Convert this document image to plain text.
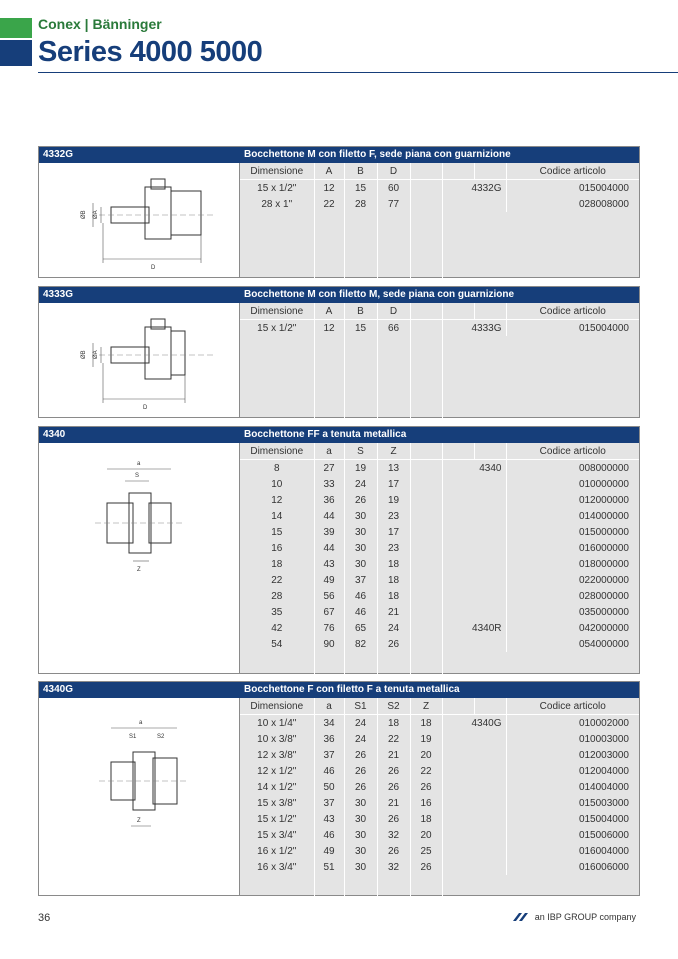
Conex | Bänninger
Series 4000 5000
4332G	Bocchettone M con filetto F, sede piana con guarnizione
ØB ØA
D
Dimensione	A	B	D				Codice articolo
15 x 1/2"	12	15	60		4332G		015004000
28 x 1"	22	28	77				028008000

4333G	Bocchettone M con filetto M, sede piana con guarnizione
ØB ØA
D
Dimensione	A	B	D				Codice articolo
15 x 1/2"	12	15	66		4333G		015004000

4340	Bocchettone FF a tenuta metallica
a
S
Z
Dimensione	a	S	Z				Codice articolo
8	27	19	13		4340		008000000
10	33	24	17				010000000
12	36	26	19				012000000
14	44	30	23				014000000
15	39	30	17				015000000
16	44	30	23				016000000
18	43	30	18				018000000
22	49	37	18				022000000
28	56	46	18				028000000
35	67	46	21				035000000
42	76	65	24		4340R		042000000
54	90	82	26				054000000

4340G	Bocchettone F con filetto F a tenuta metallica
a
S1	S2
Z
Dimensione	a	S1	S2	Z			Codice articolo
10 x 1/4"	34	24	18	18	4340G		010002000
10 x 3/8"	36	24	22	19			010003000
12 x 3/8"	37	26	21	20			012003000
12 x 1/2"	46	26	26	22			012004000
14 x 1/2"	50	26	26	26			014004000
15 x 3/8"	37	30	21	16			015003000
15 x 1/2"	43	30	26	18			015004000
15 x 3/4"	46	30	32	20			015006000
16 x 1/2"	49	30	26	25			016004000
16 x 3/4"	51	30	32	26			016006000

36	an IBP GROUP company
